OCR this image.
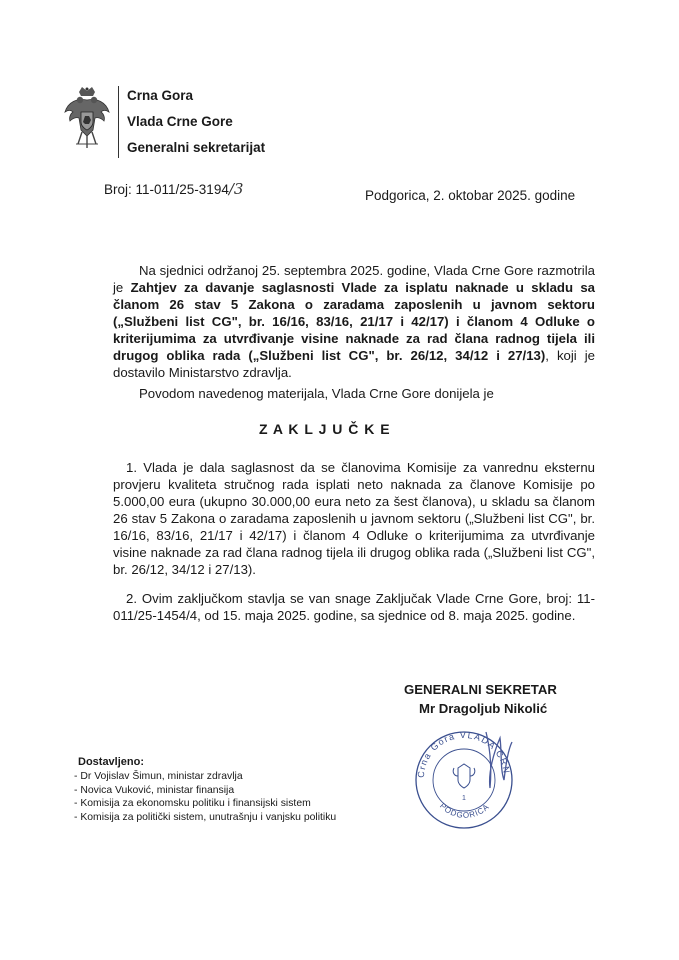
Crna Gora
Vlada Crne Gore
Generalni sekretarijat
Broj: 11-011/25-3194/3	Podgorica, 2. oktobar 2025. godine
Na sjednici održanoj 25. septembra 2025. godine, Vlada Crne Gore razmotrila je Zahtjev za davanje saglasnosti Vlade za isplatu naknade u skladu sa članom 26 stav 5 Zakona o zaradama zaposlenih u javnom sektoru („Službeni list CG", br. 16/16, 83/16, 21/17 i 42/17) i članom 4 Odluke o kriterijumima za utvrđivanje visine naknade za rad člana radnog tijela ili drugog oblika rada („Službeni list CG", br. 26/12, 34/12 i 27/13), koji je dostavilo Ministarstvo zdravlja.
Povodom navedenog materijala, Vlada Crne Gore donijela je
Z A K L J U Č K E
1. Vlada je dala saglasnost da se članovima Komisije za vanrednu eksternu provjeru kvaliteta stručnog rada isplati neto naknada za članove Komisije po 5.000,00 eura (ukupno 30.000,00 eura neto za šest članova), u skladu sa članom 26 stav 5 Zakona o zaradama zaposlenih u javnom sektoru („Službeni list CG", br. 16/16, 83/16, 21/17 i 42/17) i članom 4 Odluke o kriterijumima za utvrđivanje visine naknade za rad člana radnog tijela ili drugog oblika rada („Službeni list CG", br. 26/12, 34/12 i 27/13).
2. Ovim zaključkom stavlja se van snage Zaključak Vlade Crne Gore, broj: 11-011/25-1454/4, od 15. maja 2025. godine, sa sjednice od 8. maja 2025. godine.
GENERALNI SEKRETAR
Mr Dragoljub Nikolić
Crna Gora VLADA CRN
PODGORICA
1
Dostavljeno:
- Dr Vojislav Šimun, ministar zdravlja
- Novica Vuković, ministar finansija
- Komisija za ekonomsku politiku i finansijski sistem
- Komisija za politički sistem, unutrašnju i vanjsku politiku
